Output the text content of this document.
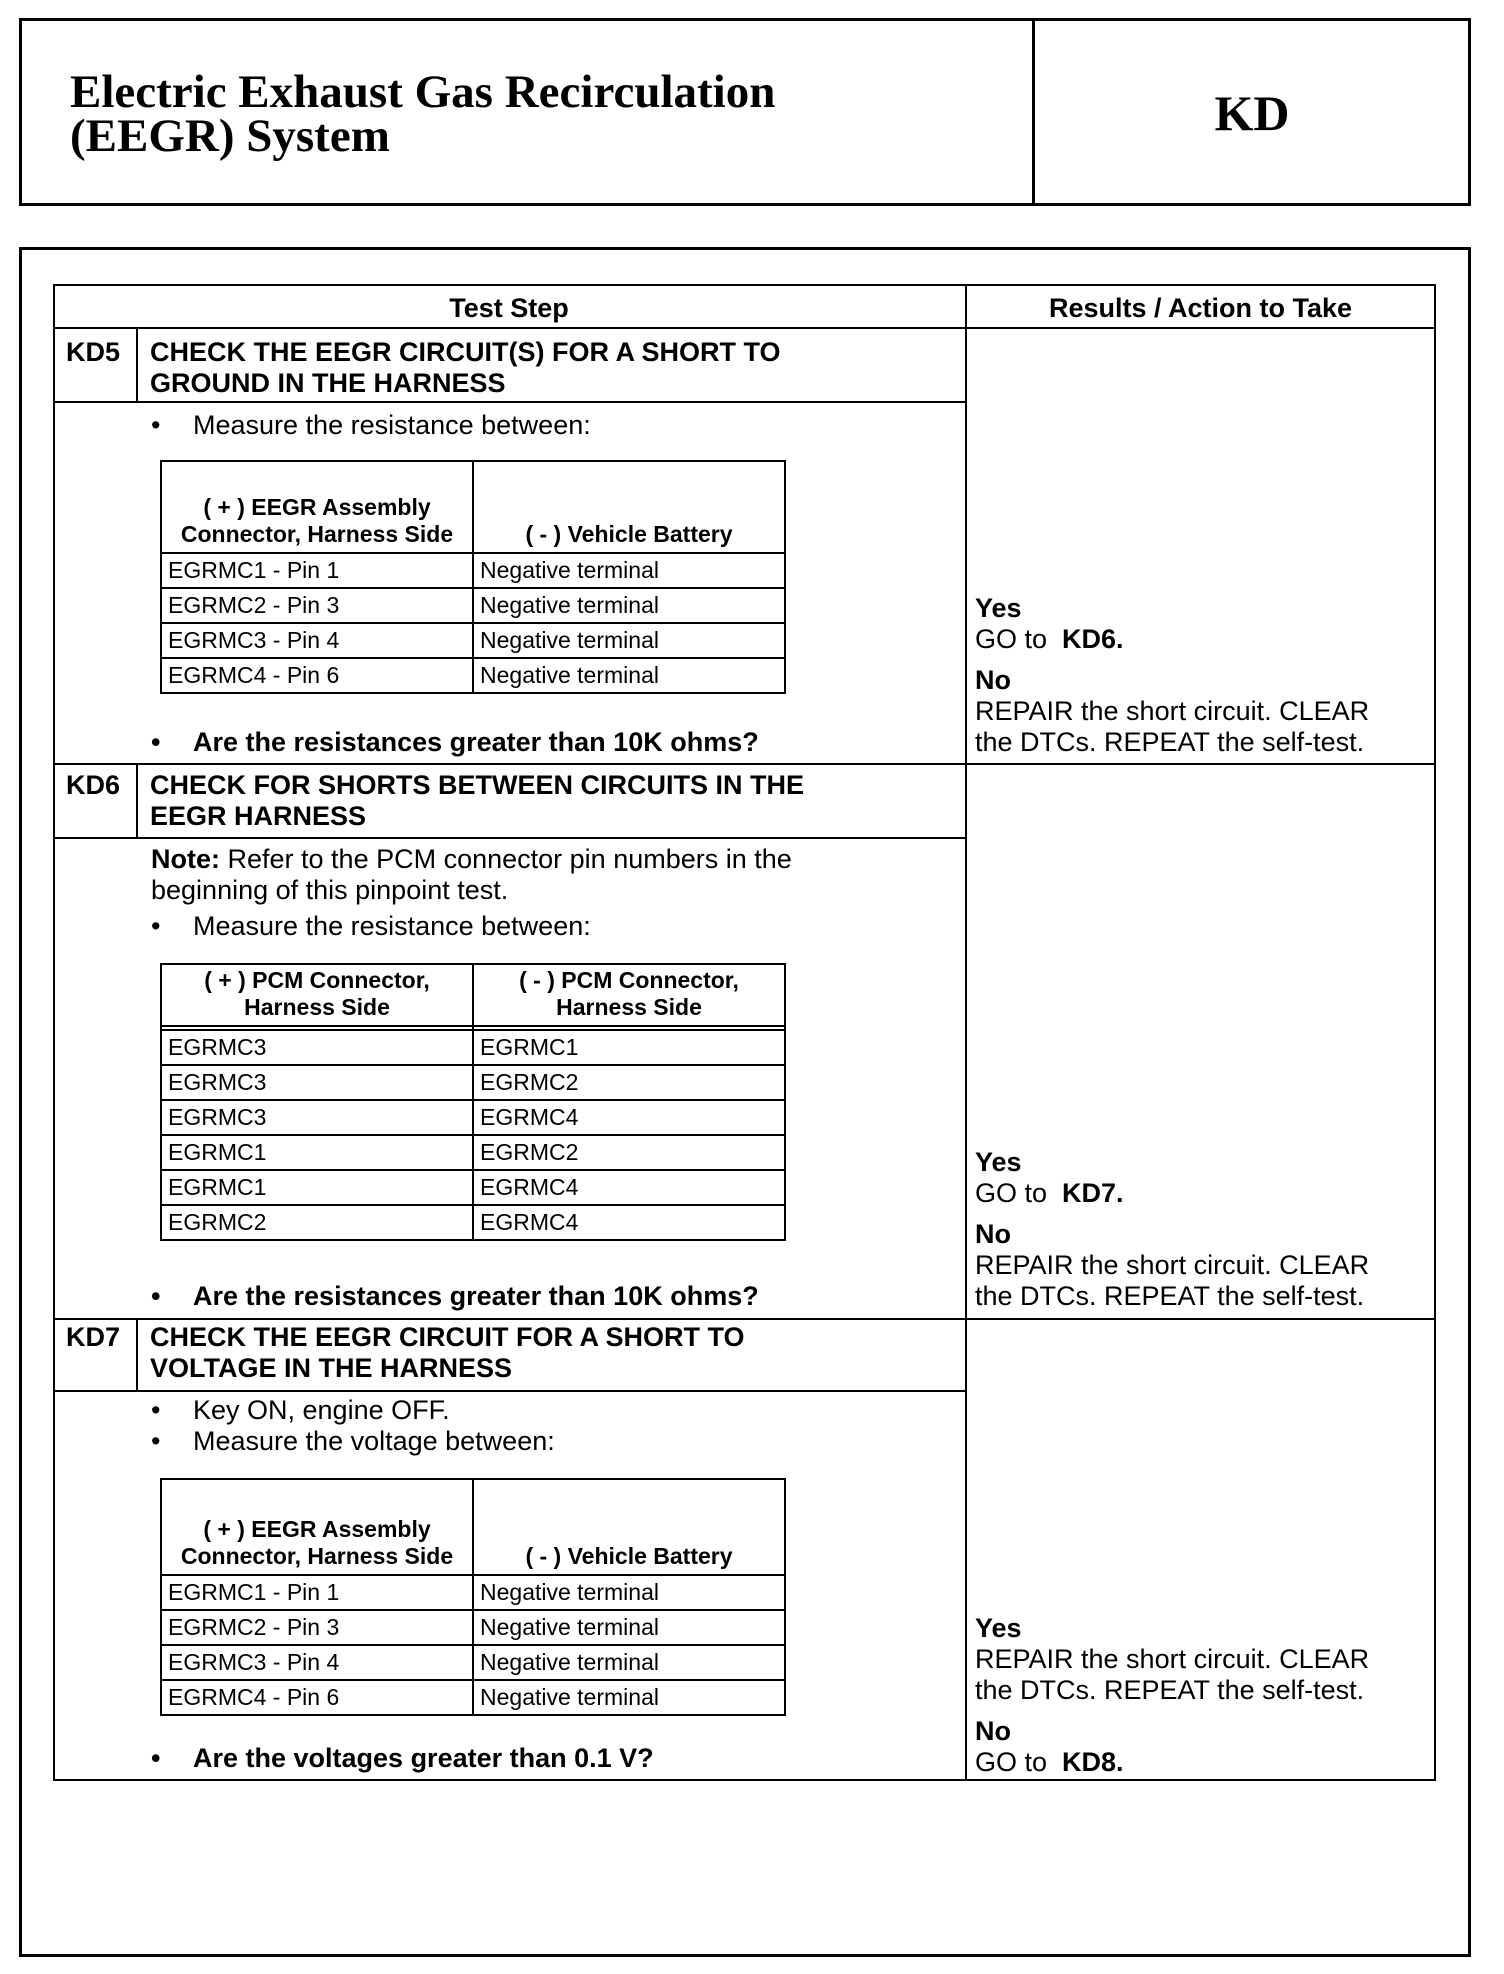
Electric Exhaust Gas Recirculation
(EEGR) System	KD
Test Step	Results / Action to Take
KD5 CHECK THE EEGR CIRCUIT(S) FOR A SHORT TO
GROUND IN THE HARNESS
• Measure the resistance between:
( + ) EEGR Assembly Connector, Harness Side	( - ) Vehicle Battery
EGRMC1 - Pin 1	Negative terminal
EGRMC2 - Pin 3	Negative terminal
EGRMC3 - Pin 4	Negative terminal
EGRMC4 - Pin 6	Negative terminal
• Are the resistances greater than 10K ohms?
Yes
GO to KD6.
No
REPAIR the short circuit. CLEAR
the DTCs. REPEAT the self-test.
KD6 CHECK FOR SHORTS BETWEEN CIRCUITS IN THE
EEGR HARNESS
Note: Refer to the PCM connector pin numbers in the
beginning of this pinpoint test.
• Measure the resistance between:
( + ) PCM Connector, Harness Side	( - ) PCM Connector, Harness Side

EGRMC3	EGRMC1
EGRMC3	EGRMC2
EGRMC3	EGRMC4
EGRMC1	EGRMC2
EGRMC1	EGRMC4
EGRMC2	EGRMC4
• Are the resistances greater than 10K ohms?
Yes
GO to KD7.
No
REPAIR the short circuit. CLEAR
the DTCs. REPEAT the self-test.
KD7 CHECK THE EEGR CIRCUIT FOR A SHORT TO
VOLTAGE IN THE HARNESS
• Key ON, engine OFF.
• Measure the voltage between:
( + ) EEGR Assembly Connector, Harness Side	( - ) Vehicle Battery
EGRMC1 - Pin 1	Negative terminal
EGRMC2 - Pin 3	Negative terminal
EGRMC3 - Pin 4	Negative terminal
EGRMC4 - Pin 6	Negative terminal
• Are the voltages greater than 0.1 V?
Yes
REPAIR the short circuit. CLEAR
the DTCs. REPEAT the self-test.
No
GO to KD8.
